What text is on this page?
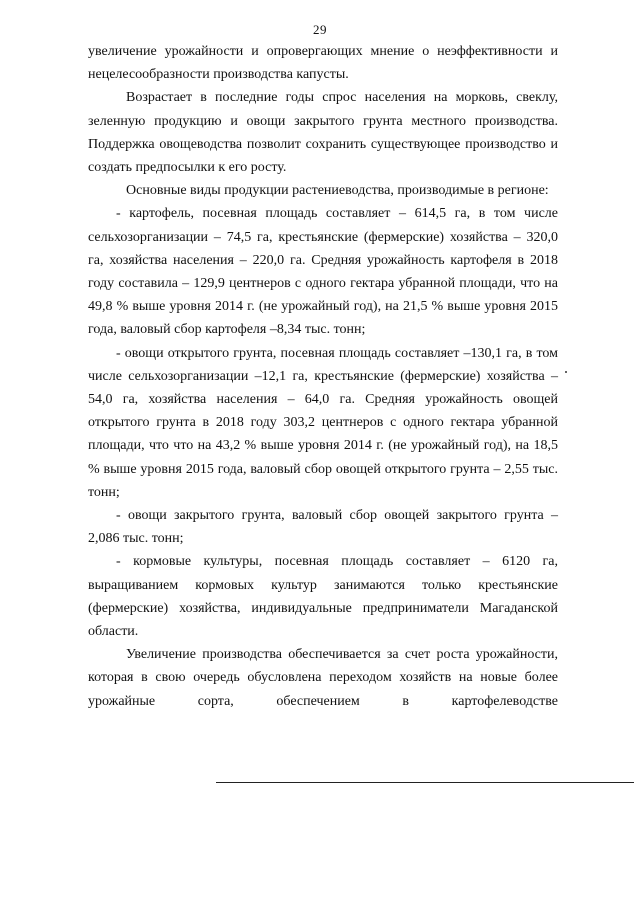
29

увеличение урожайности и опровергающих мнение о неэффективности и нецелесообразности производства капусты.

Возрастает в последние годы спрос населения на морковь, свеклу, зеленную продукцию и овощи закрытого грунта местного производства. Поддержка овощеводства позволит сохранить существующее производство и создать предпосылки к его росту.

Основные виды продукции растениеводства, производимые в регионе:

- картофель, посевная площадь составляет – 614,5 га, в том числе сельхозорганизации – 74,5 га, крестьянские (фермерские) хозяйства – 320,0 га, хозяйства населения – 220,0 га. Средняя урожайность картофеля в 2018 году составила – 129,9 центнеров с одного гектара убранной площади, что на 49,8 % выше уровня 2014 г. (не урожайный год), на 21,5 % выше уровня 2015 года, валовый сбор картофеля –8,34 тыс. тонн;

- овощи открытого грунта, посевная площадь составляет –130,1 га, в том числе сельхозорганизации –12,1 га, крестьянские (фермерские) хозяйства – 54,0 га, хозяйства населения – 64,0 га. Средняя урожайность овощей открытого грунта в 2018 году 303,2 центнеров с одного гектара убранной площади, что что на 43,2 % выше уровня 2014 г. (не урожайный год), на 18,5 % выше уровня 2015 года, валовый сбор овощей открытого грунта – 2,55 тыс. тонн;

- овощи закрытого грунта, валовый сбор овощей закрытого грунта – 2,086 тыс. тонн;

- кормовые культуры, посевная площадь составляет – 6120 га, выращиванием кормовых культур занимаются только крестьянские (фермерские) хозяйства, индивидуальные предприниматели Магаданской области.

Увеличение производства обеспечивается за счет роста урожайности, которая в свою очередь обусловлена переходом хозяйств на новые более урожайные сорта, обеспечением в картофелеводстве
